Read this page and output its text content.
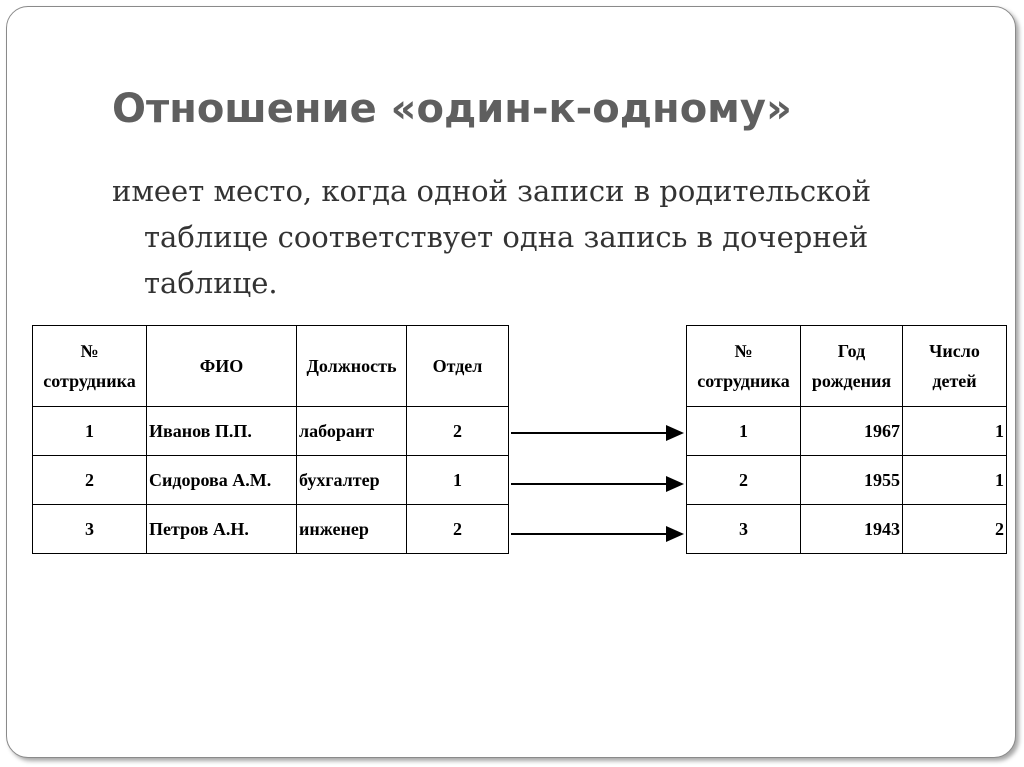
Отношение «один-к-одному»

имеет место, когда одной записи в родительской таблице соответствует одна запись в дочерней таблице.

№ сотрудника	ФИО	Должность	Отдел
1	Иванов П.П.	лаборант	2
2	Сидорова А.М.	бухгалтер	1
3	Петров А.Н.	инженер	2
№ сотрудника	Год рождения	Число детей
1	1967	1
2	1955	1
3	1943	2
